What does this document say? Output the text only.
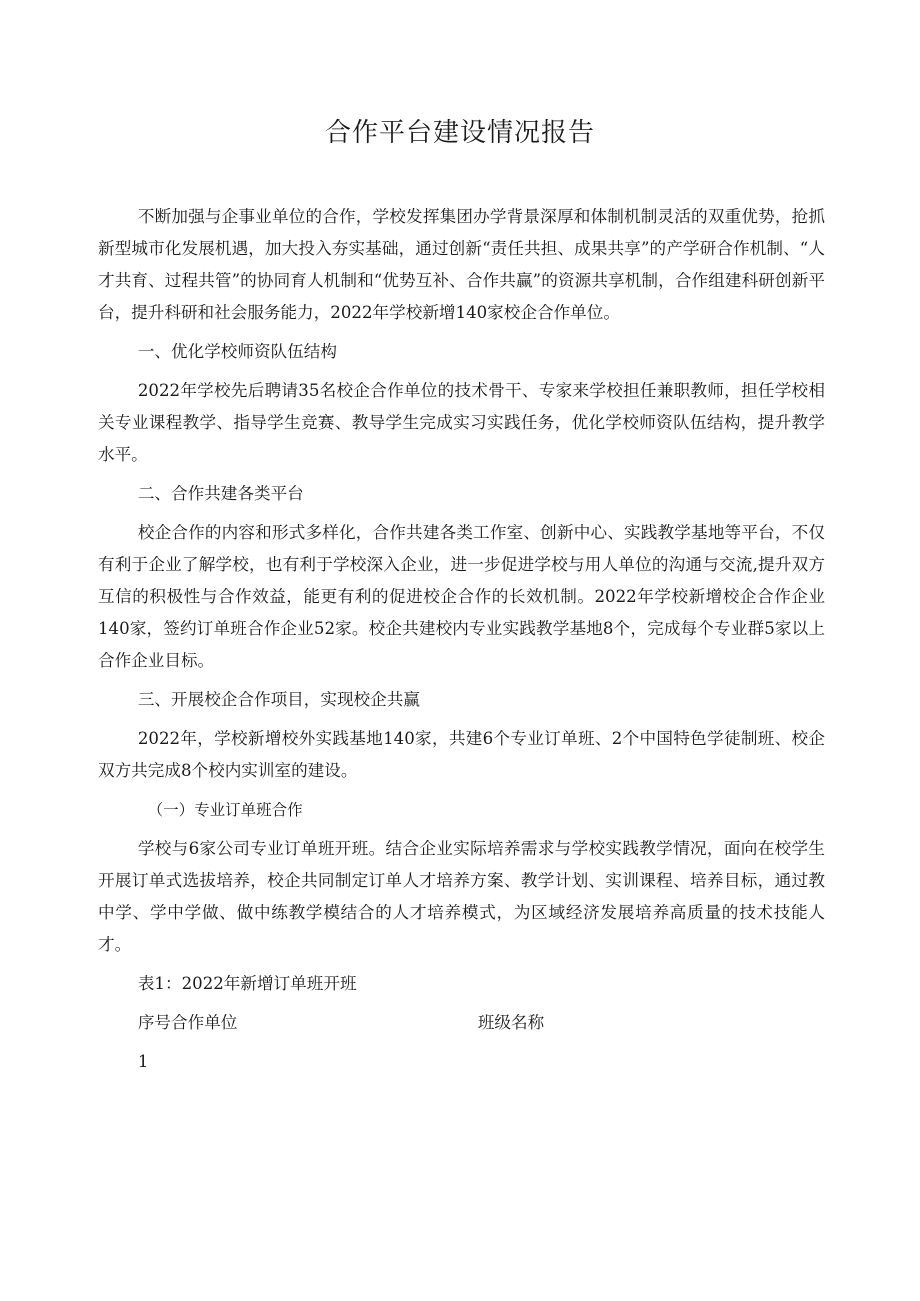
合作平台建设情况报告

不断加强与企事业单位的合作，学校发挥集团办学背景深厚和体制机制灵活的双重优势，抢抓新型城市化发展机遇，加大投入夯实基础，通过创新“责任共担、成果共享”的产学研合作机制、“人才共育、过程共管”的协同育人机制和“优势互补、合作共赢”的资源共享机制，合作组建科研创新平台，提升科研和社会服务能力，2022年学校新增140家校企合作单位。

一、优化学校师资队伍结构

2022年学校先后聘请35名校企合作单位的技术骨干、专家来学校担任兼职教师，担任学校相关专业课程教学、指导学生竞赛、教导学生完成实习实践任务，优化学校师资队伍结构，提升教学水平。

二、合作共建各类平台

校企合作的内容和形式多样化，合作共建各类工作室、创新中心、实践教学基地等平台，不仅有利于企业了解学校，也有利于学校深入企业，进一步促进学校与用人单位的沟通与交流,提升双方互信的积极性与合作效益，能更有利的促进校企合作的长效机制。2022年学校新增校企合作企业140家，签约订单班合作企业52家。校企共建校内专业实践教学基地8个，完成每个专业群5家以上合作企业目标。

三、开展校企合作项目，实现校企共赢

2022年，学校新增校外实践基地140家，共建6个专业订单班、2个中国特色学徒制班、校企双方共完成8个校内实训室的建设。

（一）专业订单班合作

学校与6家公司专业订单班开班。结合企业实际培养需求与学校实践教学情况，面向在校学生开展订单式选拔培养，校企共同制定订单人才培养方案、教学计划、实训课程、培养目标，通过教中学、学中学做、做中练教学模结合的人才培养模式，为区域经济发展培养高质量的技术技能人才。

表1：2022年新增订单班开班

序号合作单位	班级名称
1
